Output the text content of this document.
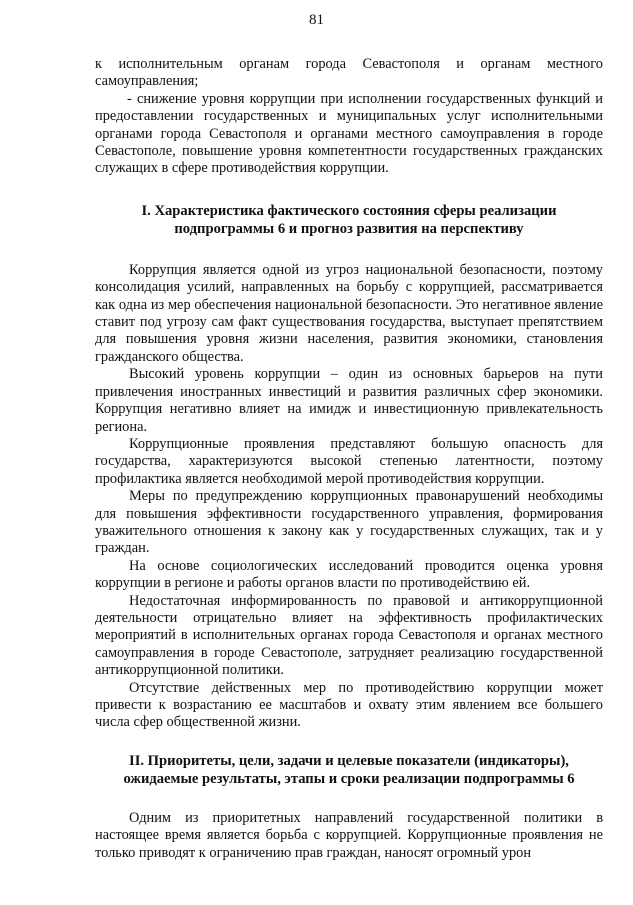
81

к исполнительным органам города Севастополя и органам местного самоуправления;

- снижение уровня коррупции при исполнении государственных функций и предоставлении государственных и муниципальных услуг исполнительными органами города Севастополя и органами местного самоуправления в городе Севастополе, повышение уровня компетентности государственных гражданских служащих в сфере противодействия коррупции.

I. Характеристика фактического состояния сферы реализации
подпрограммы 6 и прогноз развития на перспективу

Коррупция является одной из угроз национальной безопасности, поэтому консолидация усилий, направленных на борьбу с коррупцией, рассматривается как одна из мер обеспечения национальной безопасности. Это негативное явление ставит под угрозу сам факт существования государства, выступает препятствием для повышения уровня жизни населения, развития экономики, становления гражданского общества.

Высокий уровень коррупции – один из основных барьеров на пути привлечения иностранных инвестиций и развития различных сфер экономики. Коррупция негативно влияет на имидж и инвестиционную привлекательность региона.

Коррупционные проявления представляют большую опасность для государства, характеризуются высокой степенью латентности, поэтому профилактика является необходимой мерой противодействия коррупции.

Меры по предупреждению коррупционных правонарушений необходимы для повышения эффективности государственного управления, формирования уважительного отношения к закону как у государственных служащих, так и у граждан.

На основе социологических исследований проводится оценка уровня коррупции в регионе и работы органов власти по противодействию ей.

Недостаточная информированность по правовой и антикоррупционной деятельности отрицательно влияет на эффективность профилактических мероприятий в исполнительных органах города Севастополя и органах местного самоуправления в городе Севастополе, затрудняет реализацию государственной антикоррупционной политики.

Отсутствие действенных мер по противодействию коррупции может привести к возрастанию ее масштабов и охвату этим явлением все большего числа сфер общественной жизни.

II. Приоритеты, цели, задачи и целевые показатели (индикаторы),
ожидаемые результаты, этапы и сроки реализации подпрограммы 6

Одним из приоритетных направлений государственной политики в настоящее время является борьба с коррупцией. Коррупционные проявления не только приводят к ограничению прав граждан, наносят огромный урон
